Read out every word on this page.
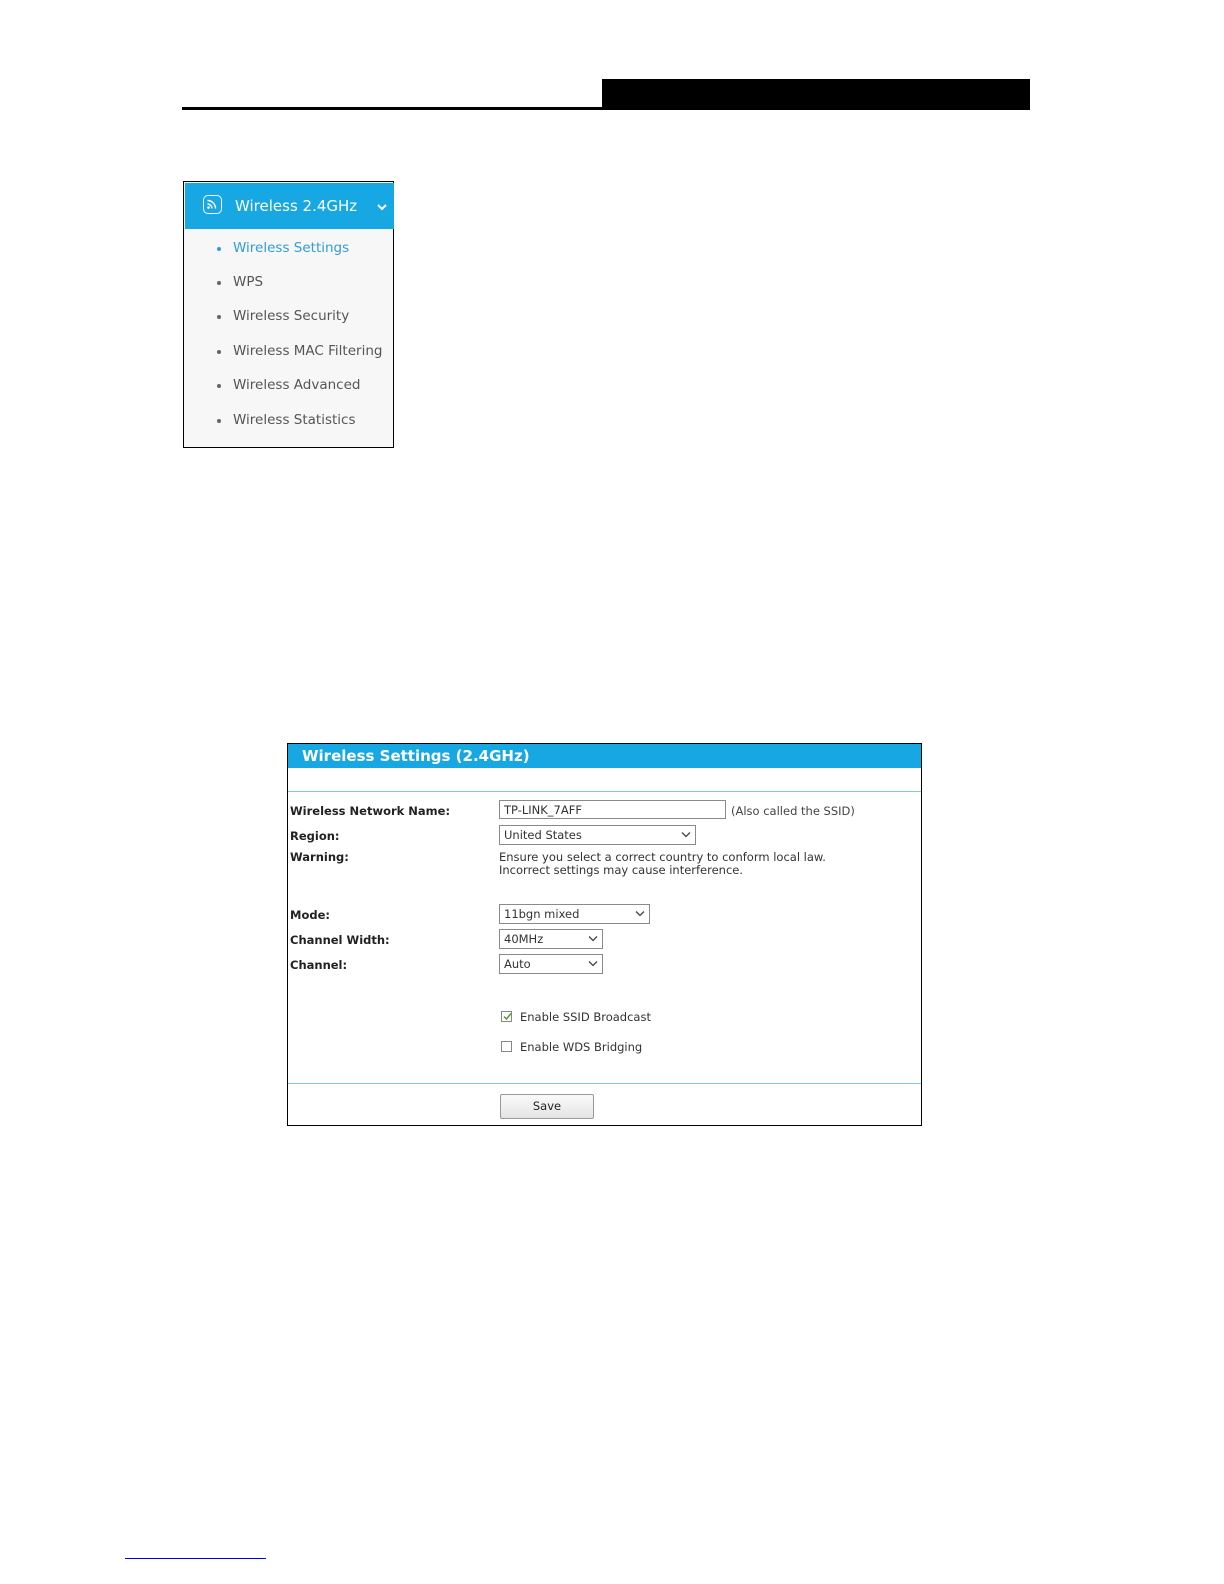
Wireless 2.4GHz
Wireless Settings
WPS
Wireless Security
Wireless MAC Filtering
Wireless Advanced
Wireless Statistics
Wireless Settings (2.4GHz)
Wireless Network Name:	TP-LINK_7AFF	(Also called the SSID)
Region:	United States
Warning:	Ensure you select a correct country to conform local law.
Incorrect settings may cause interference.
Mode:	11bgn mixed
Channel Width:	40MHz
Channel:	Auto
Enable SSID Broadcast
Enable WDS Bridging
Save
